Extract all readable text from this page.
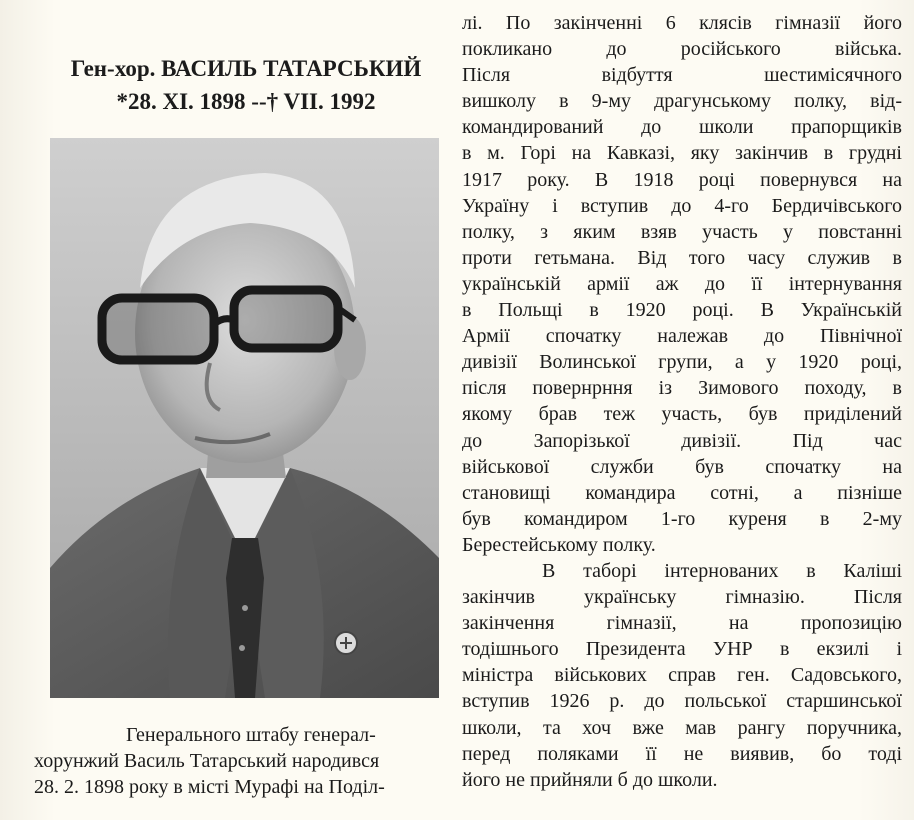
Ген-хор. ВАСИЛЬ ТАТАРСЬКИЙ
*28. XI. 1898 --† VII. 1992
Генерального штабу генерал-
хорунжий Василь Татарський народився
28. 2. 1898 року в місті Мурафі на Поділ-
лі. По закінченні 6 клясів гімназії його
покликано до російського війська.
Після відбуття шестимісячного
вишколу в 9-му драгунському полку, від-
командирований до школи прапорщиків
в м. Горі на Кавказі, яку закінчив в грудні
1917 року. В 1918 році повернувся на
Україну і вступив до 4-го Бердичівського
полку, з яким взяв участь у повстанні
проти гетьмана. Від того часу служив в
українській армії аж до її інтернування
в Польщі в 1920 році. В Українській
Армії спочатку належав до Північної
дивізії Волинської групи, а у 1920 році,
після повернрння із Зимового походу, в
якому брав теж участь, був приділений
до Запорізької дивізії. Під час
військової служби був спочатку на
становищі командира сотні, а пізніше
був командиром 1-го куреня в 2-му
Берестейському полку.
В таборі інтернованих в Каліші
закінчив українську гімназію. Після
закінчення гімназії, на пропозицію
тодішнього Президента УНР в екзилі і
міністра військових справ ген. Садовського,
вступив 1926 р. до польської старшинської
школи, та хоч вже мав рангу поручника,
перед поляками її не виявив, бо тоді
його не прийняли б до школи.
